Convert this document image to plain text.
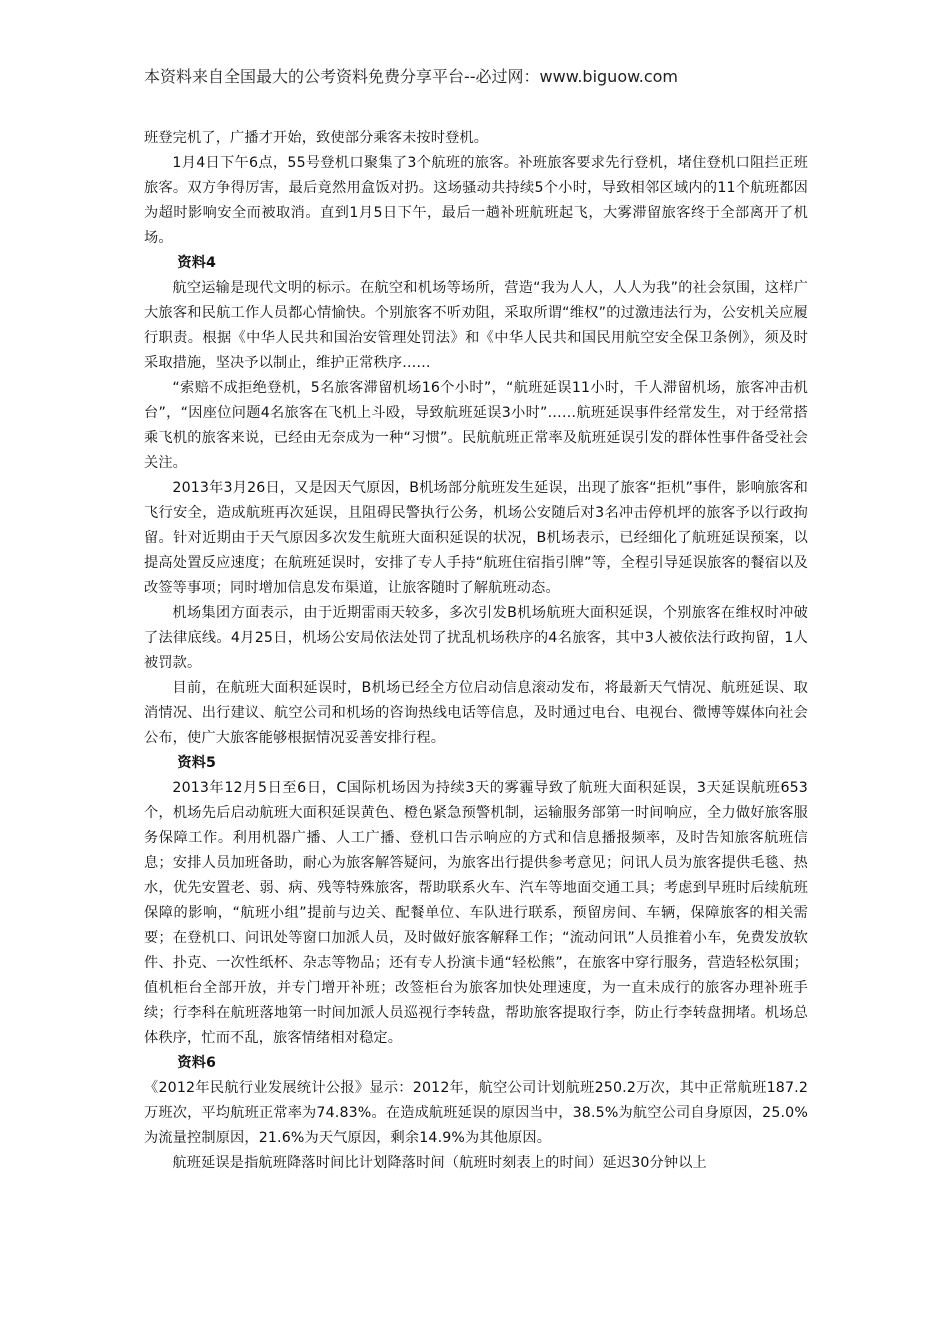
本资料来自全国最大的公考资料免费分享平台--必过网：www.biguow.com

班登完机了，广播才开始，致使部分乘客未按时登机。

1月4日下午6点，55号登机口聚集了3个航班的旅客。补班旅客要求先行登机，堵住登机口阻拦正班旅客。双方争得厉害，最后竟然用盒饭对扔。这场骚动共持续5个小时，导致相邻区域内的11个航班都因为超时影响安全而被取消。直到1月5日下午，最后一趟补班航班起飞，大雾滞留旅客终于全部离开了机场。

资料4

航空运输是现代文明的标示。在航空和机场等场所，营造“我为人人，人人为我”的社会氛围，这样广大旅客和民航工作人员都心情愉快。个别旅客不听劝阻，采取所谓“维权”的过激违法行为，公安机关应履行职责。根据《中华人民共和国治安管理处罚法》和《中华人民共和国民用航空安全保卫条例》，须及时采取措施，坚决予以制止，维护正常秩序……

“索赔不成拒绝登机，5名旅客滞留机场16个小时”，“航班延误11小时，千人滞留机场，旅客冲击机台”，“因座位问题4名旅客在飞机上斗殴，导致航班延误3小时”……航班延误事件经常发生，对于经常搭乘飞机的旅客来说，已经由无奈成为一种“习惯”。民航航班正常率及航班延误引发的群体性事件备受社会关注。

2013年3月26日，又是因天气原因，B机场部分航班发生延误，出现了旅客“拒机”事件，影响旅客和飞行安全，造成航班再次延误，且阻碍民警执行公务，机场公安随后对3名冲击停机坪的旅客予以行政拘留。针对近期由于天气原因多次发生航班大面积延误的状况，B机场表示，已经细化了航班延误预案，以提高处置反应速度；在航班延误时，安排了专人手持“航班住宿指引牌”等，全程引导延误旅客的餐宿以及改签等事项；同时增加信息发布渠道，让旅客随时了解航班动态。

机场集团方面表示，由于近期雷雨天较多，多次引发B机场航班大面积延误，个别旅客在维权时冲破了法律底线。4月25日，机场公安局依法处罚了扰乱机场秩序的4名旅客，其中3人被依法行政拘留，1人被罚款。

目前，在航班大面积延误时，B机场已经全方位启动信息滚动发布，将最新天气情况、航班延误、取消情况、出行建议、航空公司和机场的咨询热线电话等信息，及时通过电台、电视台、微博等媒体向社会公布，使广大旅客能够根据情况妥善安排行程。

资料5

2013年12月5日至6日，C国际机场因为持续3天的雾霾导致了航班大面积延误，3天延误航班653个，机场先后启动航班大面积延误黄色、橙色紧急预警机制，运输服务部第一时间响应，全力做好旅客服务保障工作。利用机器广播、人工广播、登机口告示响应的方式和信息播报频率，及时告知旅客航班信息；安排人员加班备助，耐心为旅客解答疑问，为旅客出行提供参考意见；问讯人员为旅客提供毛毯、热水，优先安置老、弱、病、残等特殊旅客，帮助联系火车、汽车等地面交通工具；考虑到早班时后续航班保障的影响，“航班小组”提前与边关、配餐单位、车队进行联系，预留房间、车辆，保障旅客的相关需要；在登机口、问讯处等窗口加派人员，及时做好旅客解释工作；“流动问讯”人员推着小车，免费发放软件、扑克、一次性纸杯、杂志等物品；还有专人扮演卡通“轻松熊”，在旅客中穿行服务，营造轻松氛围；值机柜台全部开放，并专门增开补班；改签柜台为旅客加快处理速度，为一直未成行的旅客办理补班手续；行李科在航班落地第一时间加派人员巡视行李转盘，帮助旅客提取行李，防止行李转盘拥堵。机场总体秩序，忙而不乱，旅客情绪相对稳定。

资料6

《2012年民航行业发展统计公报》显示：2012年，航空公司计划航班250.2万次，其中正常航班187.2万班次，平均航班正常率为74.83%。在造成航班延误的原因当中，38.5%为航空公司自身原因，25.0%为流量控制原因，21.6%为天气原因，剩余14.9%为其他原因。

航班延误是指航班降落时间比计划降落时间（航班时刻表上的时间）延迟30分钟以上
